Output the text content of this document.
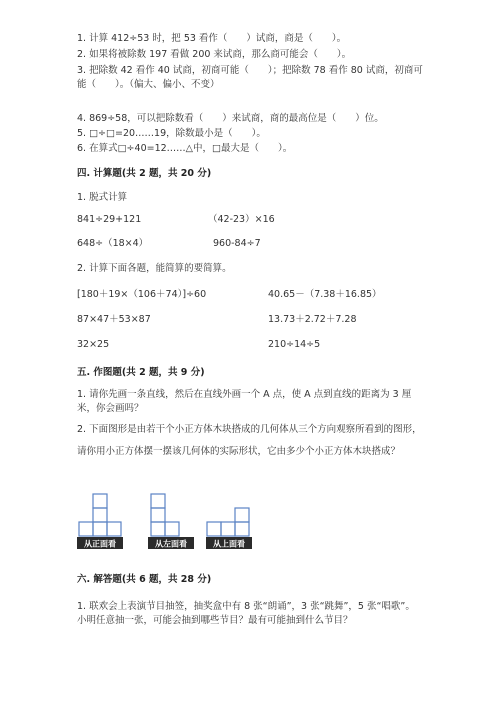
1. 计算 412÷53 时，把 53 看作（　　）试商，商是（　　）。
2. 如果将被除数 197 看做 200 来试商，那么商可能会（　　）。
3. 把除数 42 看作 40 试商，初商可能（　　）；把除数 78 看作 80 试商，初商可能（　　）。（偏大、偏小、不变）
4. 869÷58，可以把除数看（　　）来试商，商的最高位是（　　）位。
5. □÷□=20……19，除数最小是（　　）。
6. 在算式□÷40=12……△中，□最大是（　　）。
四. 计算题(共 2 题，共 20 分)
1. 脱式计算
841÷29+121	（42-23）×16
648÷（18×4）	960-84÷7
2. 计算下面各题，能简算的要简算。
[180＋19×（106＋74）]÷60	40.65－（7.38＋16.85）
87×47＋53×87	13.73＋2.72＋7.28
32×25	210÷14÷5
五. 作图题(共 2 题，共 9 分)
1. 请你先画一条直线，然后在直线外画一个 A 点，使 A 点到直线的距离为 3 厘米，你会画吗？
2. 下面图形是由若干个小正方体木块搭成的几何体从三个方向观察所看到的图形，请你用小正方体摆一摆该几何体的实际形状，它由多少个小正方体木块搭成？
从正面看	从左面看	从上面看
六. 解答题(共 6 题，共 28 分)
1. 联欢会上表演节目抽签，抽奖盒中有 8 张“朗诵”，3 张“跳舞”，5 张“唱歌”。小明任意抽一张，可能会抽到哪些节目？最有可能抽到什么节目？
